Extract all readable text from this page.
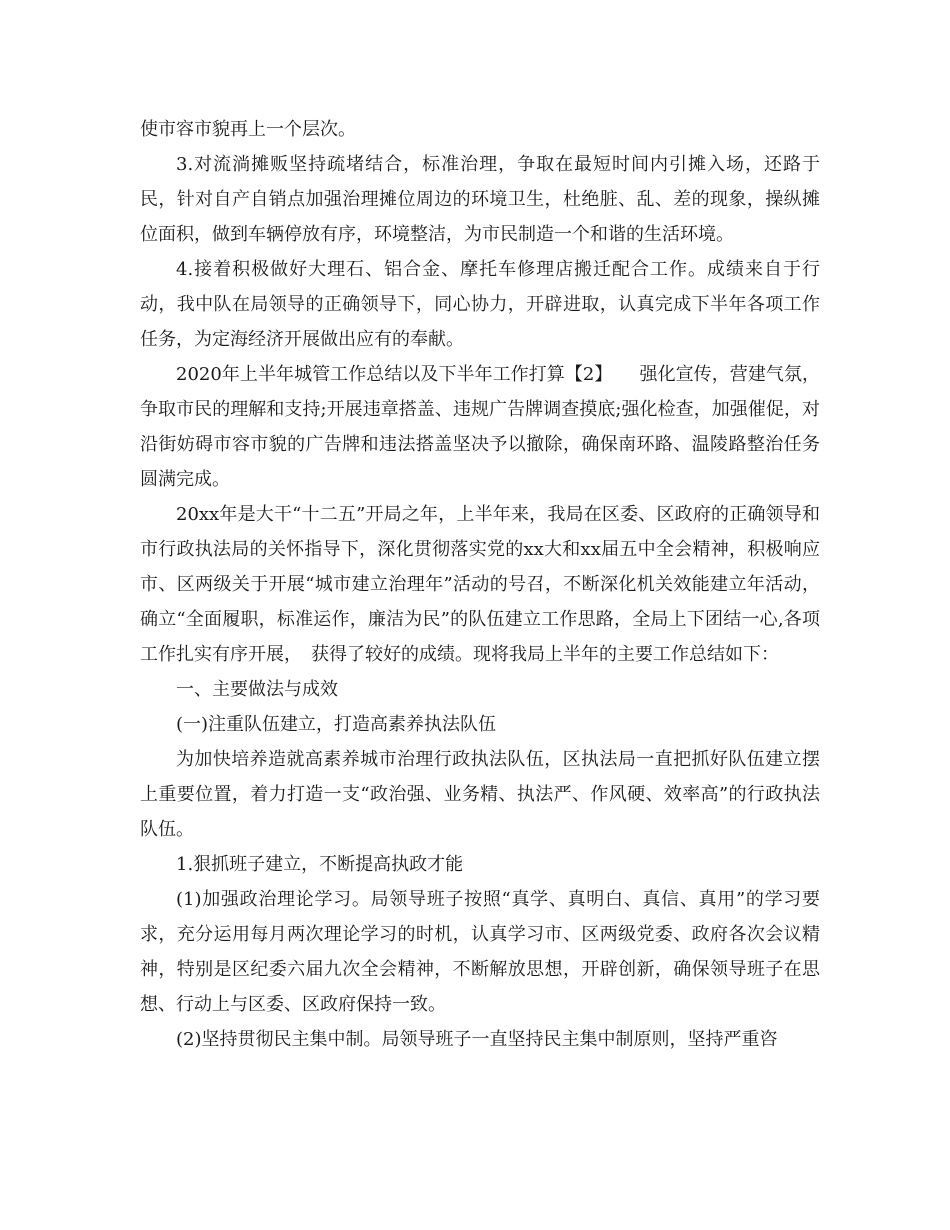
使市容市貌再上一个层次。

3.对流淌摊贩坚持疏堵结合，标准治理，争取在最短时间内引摊入场，还路于民，针对自产自销点加强治理摊位周边的环境卫生，杜绝脏、乱、差的现象，操纵摊位面积，做到车辆停放有序，环境整洁，为市民制造一个和谐的生活环境。

4.接着积极做好大理石、铝合金、摩托车修理店搬迁配合工作。成绩来自于行动，我中队在局领导的正确领导下，同心协力，开辟进取，认真完成下半年各项工作任务，为定海经济开展做出应有的奉献。

2020年上半年城管工作总结以及下半年工作打算【2】　　强化宣传，营建气氛，争取市民的理解和支持;开展违章搭盖、违规广告牌调查摸底;强化检查，加强催促，对沿街妨碍市容市貌的广告牌和违法搭盖坚决予以撤除，确保南环路、温陵路整治任务圆满完成。

20xx年是大干“十二五”开局之年，上半年来，我局在区委、区政府的正确领导和市行政执法局的关怀指导下，深化贯彻落实党的xx大和xx届五中全会精神，积极响应市、区两级关于开展“城市建立治理年”活动的号召，不断深化机关效能建立年活动，确立“全面履职，标准运作，廉洁为民”的队伍建立工作思路，全局上下团结一心,各项工作扎实有序开展，　获得了较好的成绩。现将我局上半年的主要工作总结如下：

一、主要做法与成效

(一)注重队伍建立，打造高素养执法队伍

为加快培养造就高素养城市治理行政执法队伍，区执法局一直把抓好队伍建立摆上重要位置，着力打造一支“政治强、业务精、执法严、作风硬、效率高”的行政执法队伍。

1.狠抓班子建立，不断提高执政才能

(1)加强政治理论学习。局领导班子按照“真学、真明白、真信、真用”的学习要求，充分运用每月两次理论学习的时机，认真学习市、区两级党委、政府各次会议精神，特别是区纪委六届九次全会精神，不断解放思想，开辟创新，确保领导班子在思想、行动上与区委、区政府保持一致。

(2)坚持贯彻民主集中制。局领导班子一直坚持民主集中制原则，坚持严重咨
